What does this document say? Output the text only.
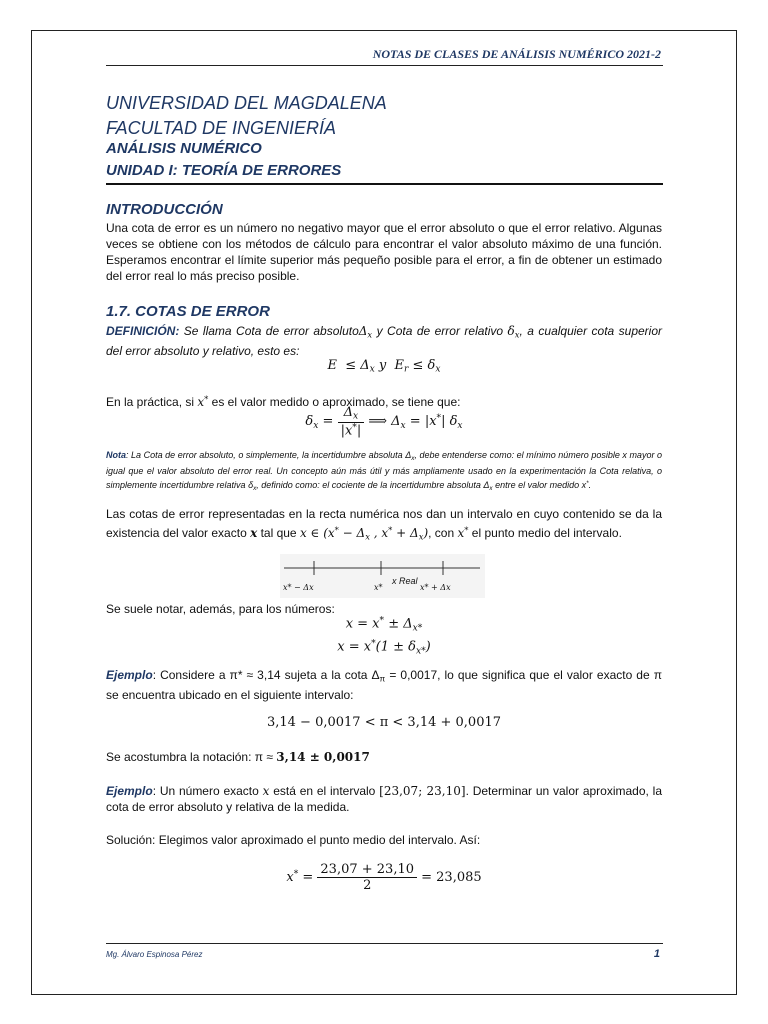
NOTAS DE CLASES DE ANÁLISIS NUMÉRICO 2021-2
UNIVERSIDAD DEL MAGDALENA
FACULTAD DE INGENIERÍA
ANÁLISIS NUMÉRICO
UNIDAD I: TEORÍA DE ERRORES
INTRODUCCIÓN
Una cota de error es un número no negativo mayor que el error absoluto o que el error relativo. Algunas veces se obtiene con los métodos de cálculo para encontrar el valor absoluto máximo de una función. Esperamos encontrar el límite superior más pequeño posible para el error, a fin de obtener un estimado del error real lo más preciso posible.
1.7. COTAS DE ERROR
DEFINICIÓN: Se llama Cota de error absolutoΔ$_x$ y Cota de error relativo $\delta_x$, a cualquier cota superior del error absoluto y relativo, esto es:
$E \le \Delta_x$ y  $E_r \le \delta_x$
En la práctica, si x* es el valor medido o aproximado, se tiene que:
$\delta_x = \frac{\Delta_x}{|x^*|}$ ⟹ $\Delta_x = |x^*|$ $\delta_x$
Nota: La Cota de error absoluto, o simplemente, la incertidumbre absoluta $\Delta_x$, debe entenderse como: el mínimo número posible x mayor o igual que el valor absoluto del error real. Un concepto aún más útil y más ampliamente usado en la experimentación la Cota relativa, o simplemente incertidumbre relativa $\delta_x$, definido como: el cociente de la incertidumbre absoluta $\Delta_x$ entre el valor medido x*.
Las cotas de error representadas en la recta numérica nos dan un intervalo en cuyo contenido se da la existencia del valor exacto x tal que x ∈ ($x^* - \Delta_x$ , $x^* + \Delta_x$), con x* el punto medio del intervalo.
x* − Δx	x*
x Real
x* + Δx
Se suele notar, además, para los números:
$x = x^* \pm \Delta_{x*}$
$x = x^*(1 \pm \delta_{x*})$
Ejemplo: Considere a π* ≈ 3,14 sujeta a la cota $\Delta_\pi = 0,0017$, lo que significa que el valor exacto de π se encuentra ubicado en el siguiente intervalo:
3,14 − 0,0017 < π < 3,14 + 0,0017
Se acostumbra la notación: π ≈ 3,14 ± 0,0017
Ejemplo: Un número exacto x está en el intervalo [23,07; 23,10]. Determinar un valor aproximado, la cota de error absoluto y relativa de la medida.
Solución: Elegimos valor aproximado el punto medio del intervalo. Así:
$x^* = \frac{23,07 + 23,10}{2} = 23,085$
Mg. Álvaro Espinosa Pérez	1
